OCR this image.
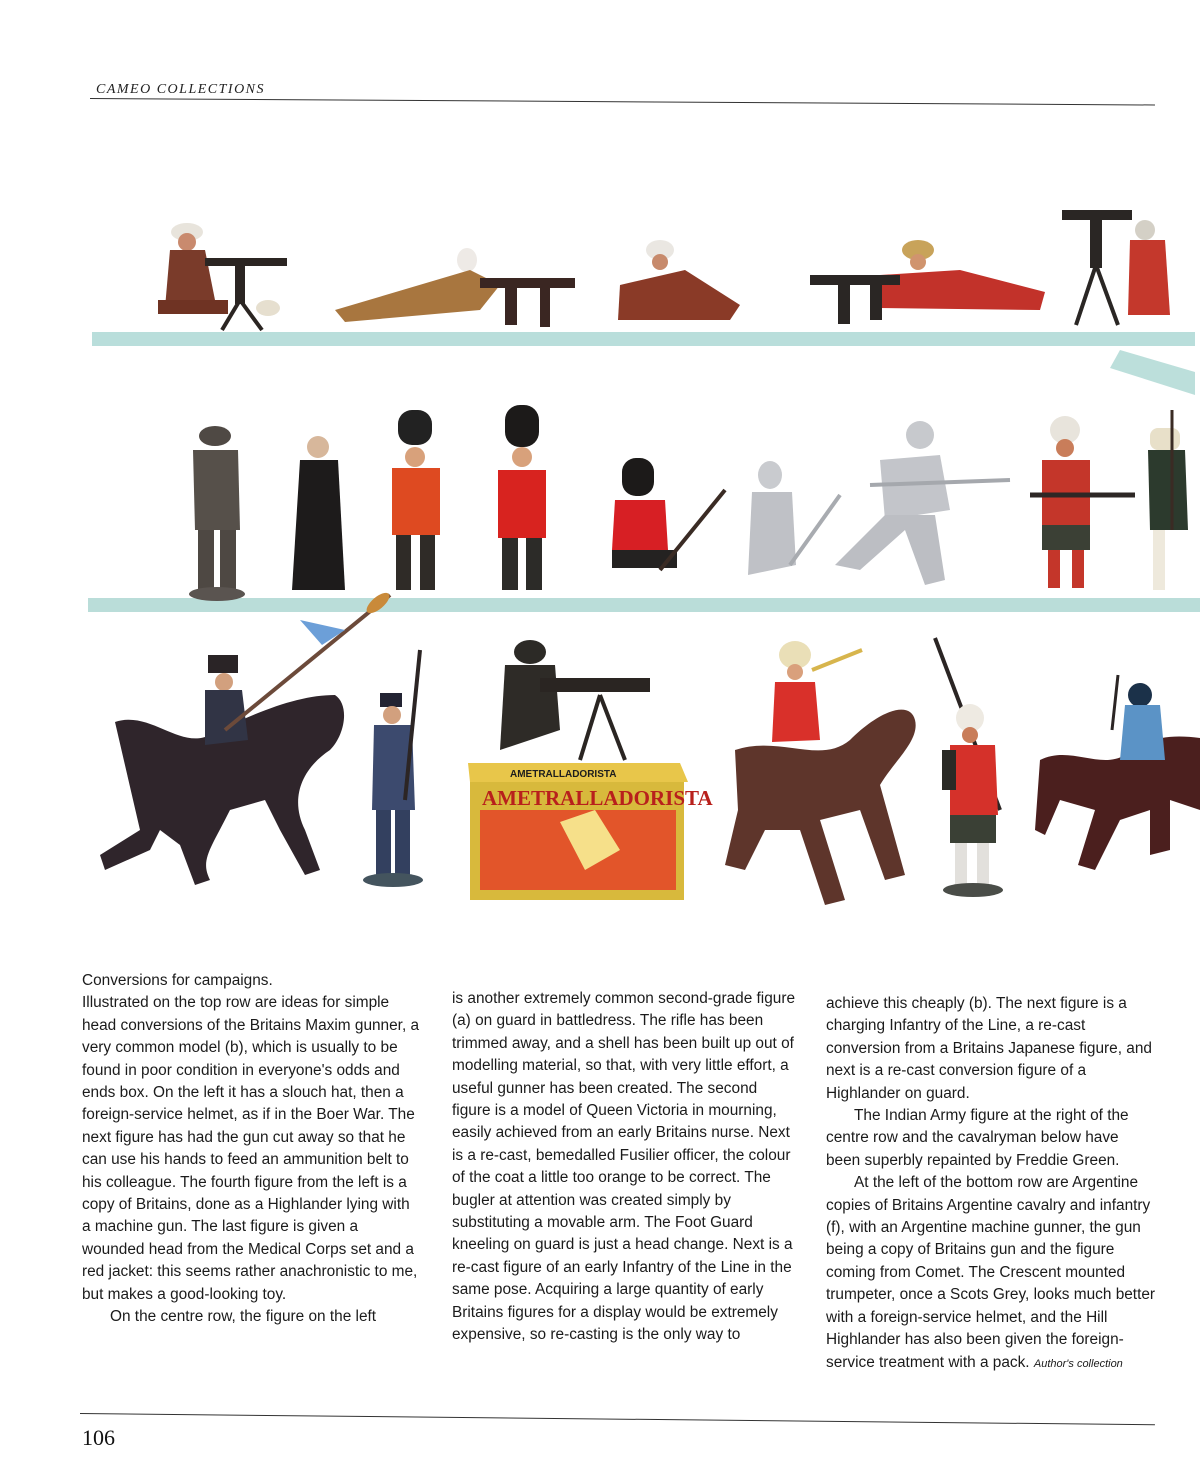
CAMEO COLLECTIONS
AMETRALLADORISTA
AMETRALLADORISTA

Conversions for campaigns.

Illustrated on the top row are ideas for simple head conversions of the Britains Maxim gunner, a very common model (b), which is usually to be found in poor condition in everyone's odds and ends box. On the left it has a slouch hat, then a foreign-service helmet, as if in the Boer War. The next figure has had the gun cut away so that he can use his hands to feed an ammunition belt to his colleague. The fourth figure from the left is a copy of Britains, done as a Highlander lying with a machine gun. The last figure is given a wounded head from the Medical Corps set and a red jacket: this seems rather anachronistic to me, but makes a good-looking toy.

On the centre row, the figure on the left

is another extremely common second-grade figure (a) on guard in battledress. The rifle has been trimmed away, and a shell has been built up out of modelling material, so that, with very little effort, a useful gunner has been created. The second figure is a model of Queen Victoria in mourning, easily achieved from an early Britains nurse. Next is a re-cast, bemedalled Fusilier officer, the colour of the coat a little too orange to be correct. The bugler at attention was created simply by substituting a movable arm. The Foot Guard kneeling on guard is just a head change. Next is a re-cast figure of an early Infantry of the Line in the same pose. Acquiring a large quantity of early Britains figures for a display would be extremely expensive, so re-casting is the only way to

achieve this cheaply (b). The next figure is a charging Infantry of the Line, a re-cast conversion from a Britains Japanese figure, and next is a re-cast conversion figure of a Highlander on guard.

The Indian Army figure at the right of the centre row and the cavalryman below have been superbly repainted by Freddie Green.

At the left of the bottom row are Argentine copies of Britains Argentine cavalry and infantry (f), with an Argentine machine gunner, the gun being a copy of Britains gun and the figure coming from Comet. The Crescent mounted trumpeter, once a Scots Grey, looks much better with a foreign-service helmet, and the Hill Highlander has also been given the foreign-service treatment with a pack. Author's collection

106
